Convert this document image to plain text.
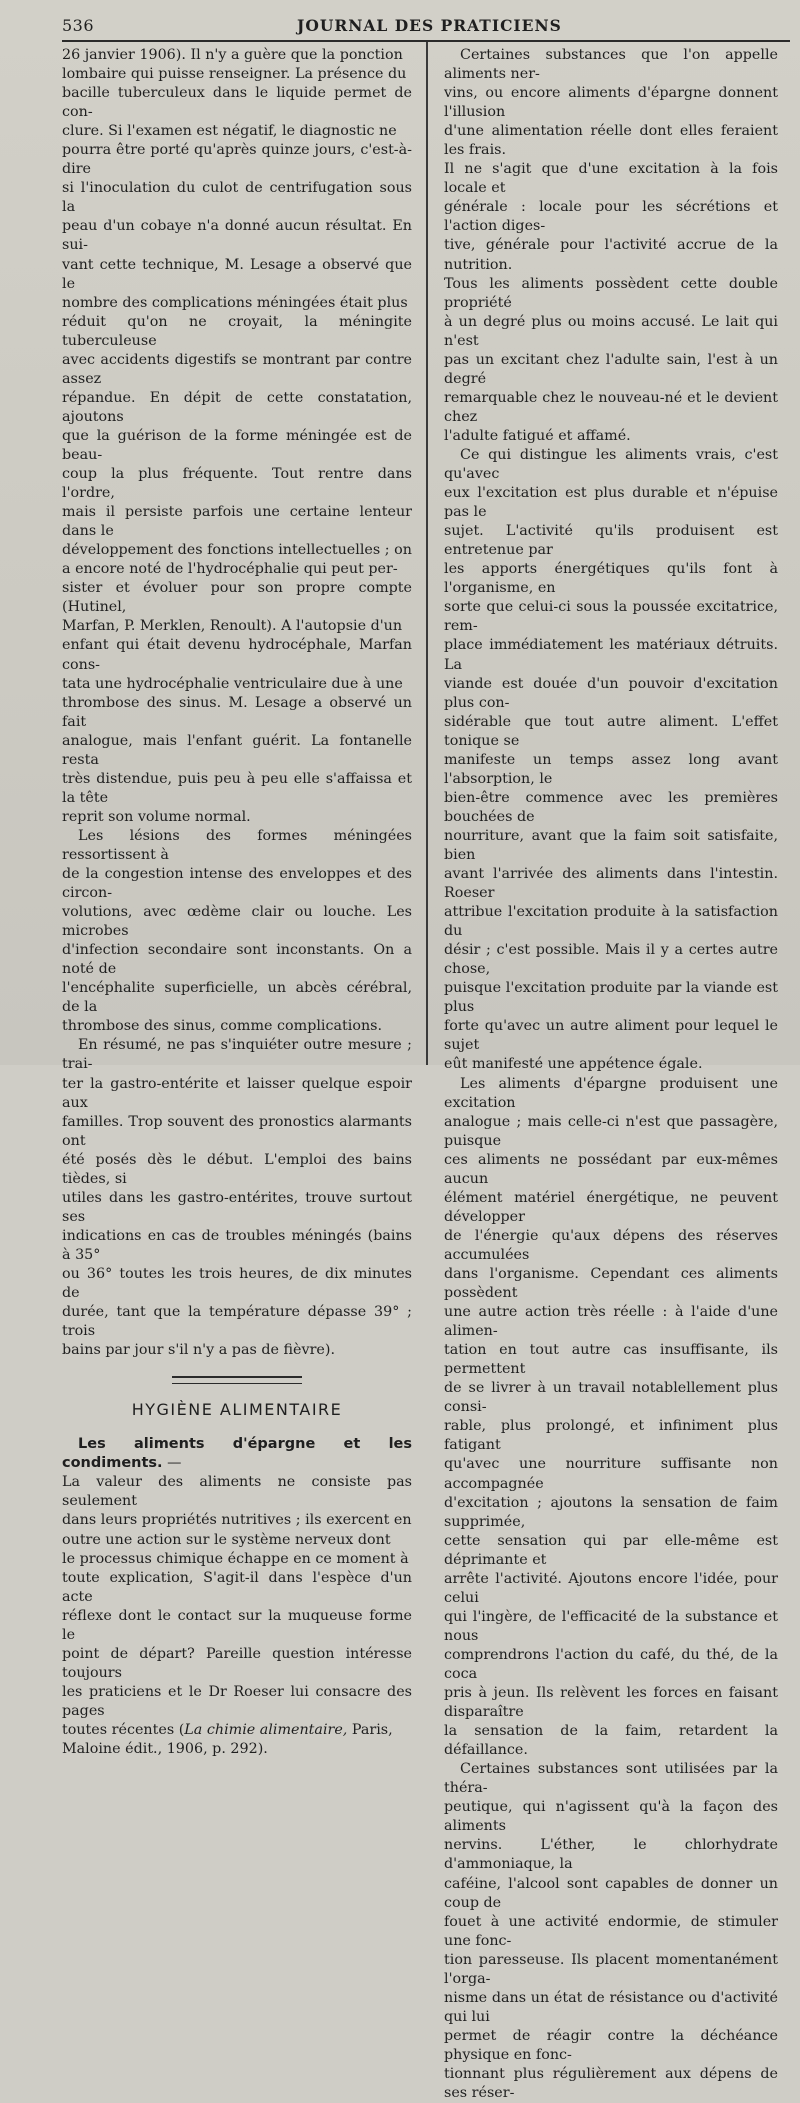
536	JOURNAL DES PRATICIENS

26 janvier 1906). Il n'y a guère que la ponction
lombaire qui puisse renseigner. La présence du
bacille tuberculeux dans le liquide permet de con-
clure. Si l'examen est négatif, le diagnostic ne
pourra être porté qu'après quinze jours, c'est-à-dire
si l'inoculation du culot de centrifugation sous la
peau d'un cobaye n'a donné aucun résultat. En sui-
vant cette technique, M. Lesage a observé que le
nombre des complications méningées était plus
réduit qu'on ne croyait, la méningite tuberculeuse
avec accidents digestifs se montrant par contre assez
répandue. En dépit de cette constatation, ajoutons
que la guérison de la forme méningée est de beau-
coup la plus fréquente. Tout rentre dans l'ordre,
mais il persiste parfois une certaine lenteur dans le
développement des fonctions intellectuelles ; on
a encore noté de l'hydrocéphalie qui peut per-
sister et évoluer pour son propre compte (Hutinel,
Marfan, P. Merklen, Renoult). A l'autopsie d'un
enfant qui était devenu hydrocéphale, Marfan cons-
tata une hydrocéphalie ventriculaire due à une
thrombose des sinus. M. Lesage a observé un fait
analogue, mais l'enfant guérit. La fontanelle resta
très distendue, puis peu à peu elle s'affaissa et la tête
reprit son volume normal.

Les lésions des formes méningées ressortissent à
de la congestion intense des enveloppes et des circon-
volutions, avec œdème clair ou louche. Les microbes
d'infection secondaire sont inconstants. On a noté de
l'encéphalite superficielle, un abcès cérébral, de la
thrombose des sinus, comme complications.

En résumé, ne pas s'inquiéter outre mesure ; trai-
ter la gastro-entérite et laisser quelque espoir aux
familles. Trop souvent des pronostics alarmants ont
été posés dès le début. L'emploi des bains tièdes, si
utiles dans les gastro-entérites, trouve surtout ses
indications en cas de troubles méningés (bains à 35°
ou 36° toutes les trois heures, de dix minutes de
durée, tant que la température dépasse 39° ; trois
bains par jour s'il n'y a pas de fièvre).

HYGIÈNE ALIMENTAIRE

Les aliments d'épargne et les condiments. —
La valeur des aliments ne consiste pas seulement
dans leurs propriétés nutritives ; ils exercent en
outre une action sur le système nerveux dont
le processus chimique échappe en ce moment à
toute explication, S'agit-il dans l'espèce d'un acte
réflexe dont le contact sur la muqueuse forme le
point de départ? Pareille question intéresse toujours
les praticiens et le Dr Roeser lui consacre des pages
toutes récentes (La chimie alimentaire, Paris,
Maloine édit., 1906, p. 292).

Certaines substances que l'on appelle aliments ner-
vins, ou encore aliments d'épargne donnent l'illusion
d'une alimentation réelle dont elles feraient les frais.
Il ne s'agit que d'une excitation à la fois locale et
générale : locale pour les sécrétions et l'action diges-
tive, générale pour l'activité accrue de la nutrition.
Tous les aliments possèdent cette double propriété
à un degré plus ou moins accusé. Le lait qui n'est
pas un excitant chez l'adulte sain, l'est à un degré
remarquable chez le nouveau-né et le devient chez
l'adulte fatigué et affamé.

Ce qui distingue les aliments vrais, c'est qu'avec
eux l'excitation est plus durable et n'épuise pas le
sujet. L'activité qu'ils produisent est entretenue par
les apports énergétiques qu'ils font à l'organisme, en
sorte que celui-ci sous la poussée excitatrice, rem-
place immédiatement les matériaux détruits. La
viande est douée d'un pouvoir d'excitation plus con-
sidérable que tout autre aliment. L'effet tonique se
manifeste un temps assez long avant l'absorption, le
bien-être commence avec les premières bouchées de
nourriture, avant que la faim soit satisfaite, bien
avant l'arrivée des aliments dans l'intestin. Roeser
attribue l'excitation produite à la satisfaction du
désir ; c'est possible. Mais il y a certes autre chose,
puisque l'excitation produite par la viande est plus
forte qu'avec un autre aliment pour lequel le sujet
eût manifesté une appétence égale.

Les aliments d'épargne produisent une excitation
analogue ; mais celle-ci n'est que passagère, puisque
ces aliments ne possédant par eux-mêmes aucun
élément matériel énergétique, ne peuvent développer
de l'énergie qu'aux dépens des réserves accumulées
dans l'organisme. Cependant ces aliments possèdent
une autre action très réelle : à l'aide d'une alimen-
tation en tout autre cas insuffisante, ils permettent
de se livrer à un travail notablellement plus consi-
rable, plus prolongé, et infiniment plus fatigant
qu'avec une nourriture suffisante non accompagnée
d'excitation ; ajoutons la sensation de faim supprimée,
cette sensation qui par elle-même est déprimante et
arrête l'activité. Ajoutons encore l'idée, pour celui
qui l'ingère, de l'efficacité de la substance et nous
comprendrons l'action du café, du thé, de la coca
pris à jeun. Ils relèvent les forces en faisant disparaître
la sensation de la faim, retardent la défaillance.

Certaines substances sont utilisées par la théra-
peutique, qui n'agissent qu'à la façon des aliments
nervins. L'éther, le chlorhydrate d'ammoniaque, la
caféine, l'alcool sont capables de donner un coup de
fouet à une activité endormie, de stimuler une fonc-
tion paresseuse. Ils placent momentanément l'orga-
nisme dans un état de résistance ou d'activité qui lui
permet de réagir contre la déchéance physique en fonc-
tionnant plus régulièrement aux dépens de ses réser-
